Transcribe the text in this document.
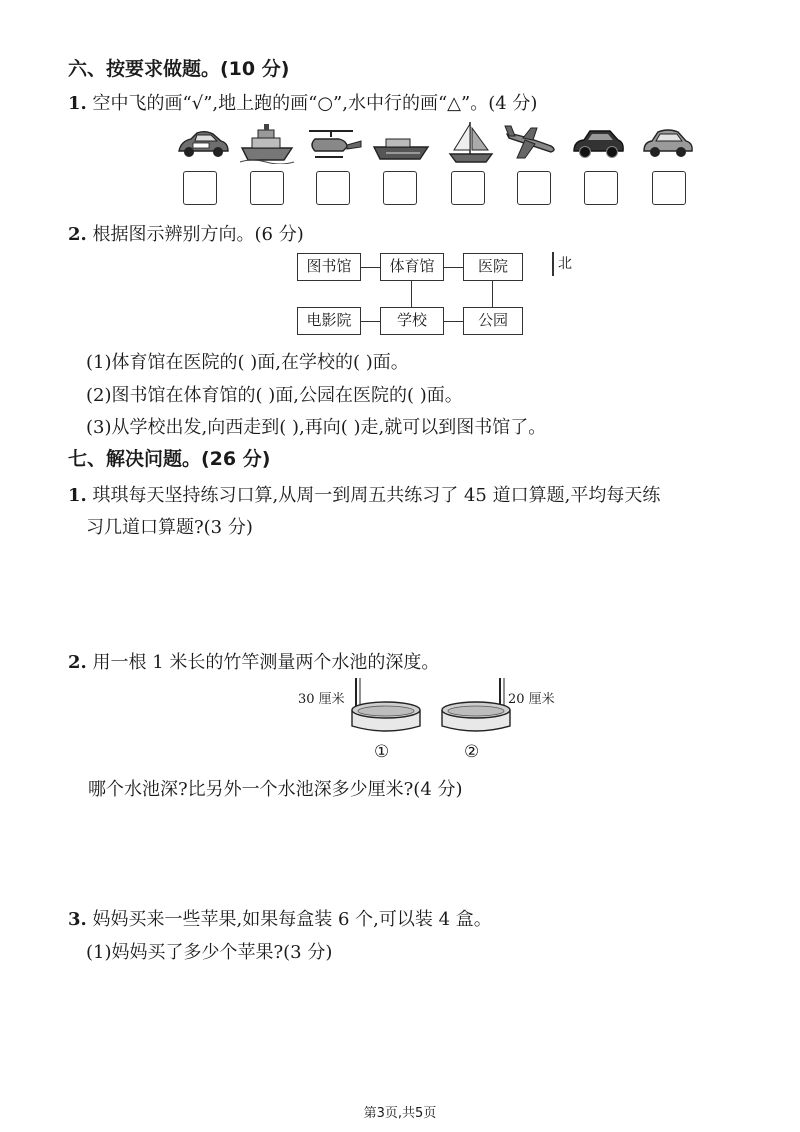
六、按要求做题。(10 分)
1. 空中飞的画“√”,地上跑的画“○”,水中行的画“△”。(4 分)
2. 根据图示辨别方向。(6 分)
图书馆	体育馆	医院
电影院	学校	公园
北
(1)体育馆在医院的( )面,在学校的( )面。
(2)图书馆在体育馆的( )面,公园在医院的( )面。
(3)从学校出发,向西走到( ),再向( )走,就可以到图书馆了。
七、解决问题。(26 分)
1. 琪琪每天坚持练习口算,从周一到周五共练习了 45 道口算题,平均每天练
习几道口算题?(3 分)
2. 用一根 1 米长的竹竿测量两个水池的深度。
30 厘米	20 厘米
①	②
哪个水池深?比另外一个水池深多少厘米?(4 分)
3. 妈妈买来一些苹果,如果每盒装 6 个,可以装 4 盒。
(1)妈妈买了多少个苹果?(3 分)
第3页,共5页
